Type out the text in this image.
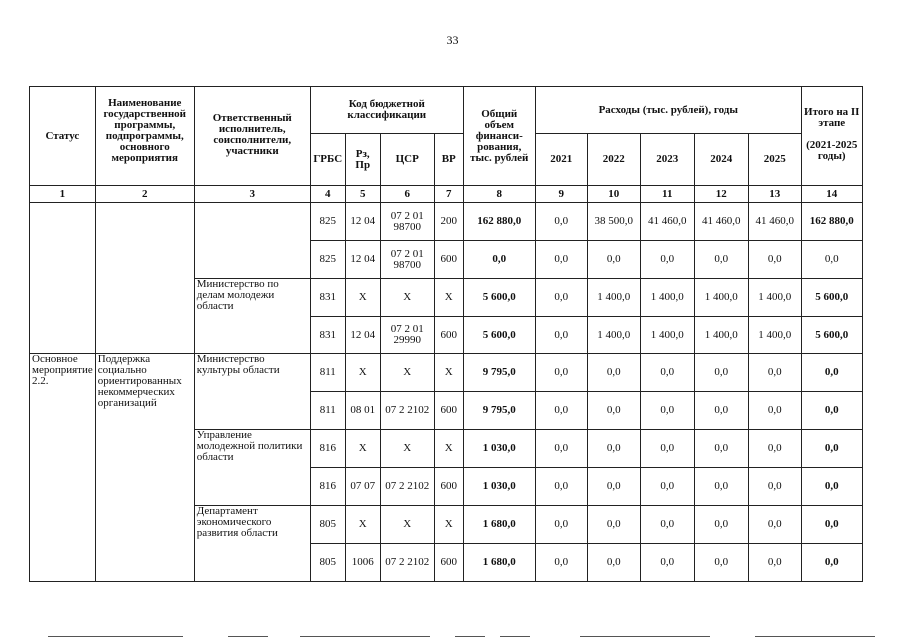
33
Статус	Наименование государственной программы, подпрограммы, основного мероприятия	Ответственный исполнитель, соисполнители, участники	Код бюджетной классификации				Общий объем финанси-рования, тыс. рублей	Расходы (тыс. рублей), годы					Итого на II этапе

(2021-2025 годы)
			ГРБС	Рз, Пр	ЦСР	ВР		2021	2022	2023	2024	2025	
1	2	3	4	5	6	7	8	9	10	11	12	13	14
			825	12 04	07 2 01 98700	200	162 880,0	0,0	38 500,0	41 460,0	41 460,0	41 460,0	162 880,0
			825	12 04	07 2 01 98700	600	0,0	0,0	0,0	0,0	0,0	0,0	0,0
		Министерство по делам молодежи области	831	X	X	X	5 600,0	0,0	1 400,0	1 400,0	1 400,0	1 400,0	5 600,0
			831	12 04	07 2 01 29990	600	5 600,0	0,0	1 400,0	1 400,0	1 400,0	1 400,0	5 600,0
Основное мероприятие 2.2.	Поддержка социально ориентированных некоммерческих организаций	Министерство культуры области	811	X	X	X	9 795,0	0,0	0,0	0,0	0,0	0,0	0,0
			811	08 01	07 2 2102	600	9 795,0	0,0	0,0	0,0	0,0	0,0	0,0
		Управление молодежной политики области	816	X	X	X	1 030,0	0,0	0,0	0,0	0,0	0,0	0,0
			816	07 07	07 2 2102	600	1 030,0	0,0	0,0	0,0	0,0	0,0	0,0
		Департамент экономического развития области	805	X	X	X	1 680,0	0,0	0,0	0,0	0,0	0,0	0,0
			805	1006	07 2 2102	600	1 680,0	0,0	0,0	0,0	0,0	0,0	0,0
